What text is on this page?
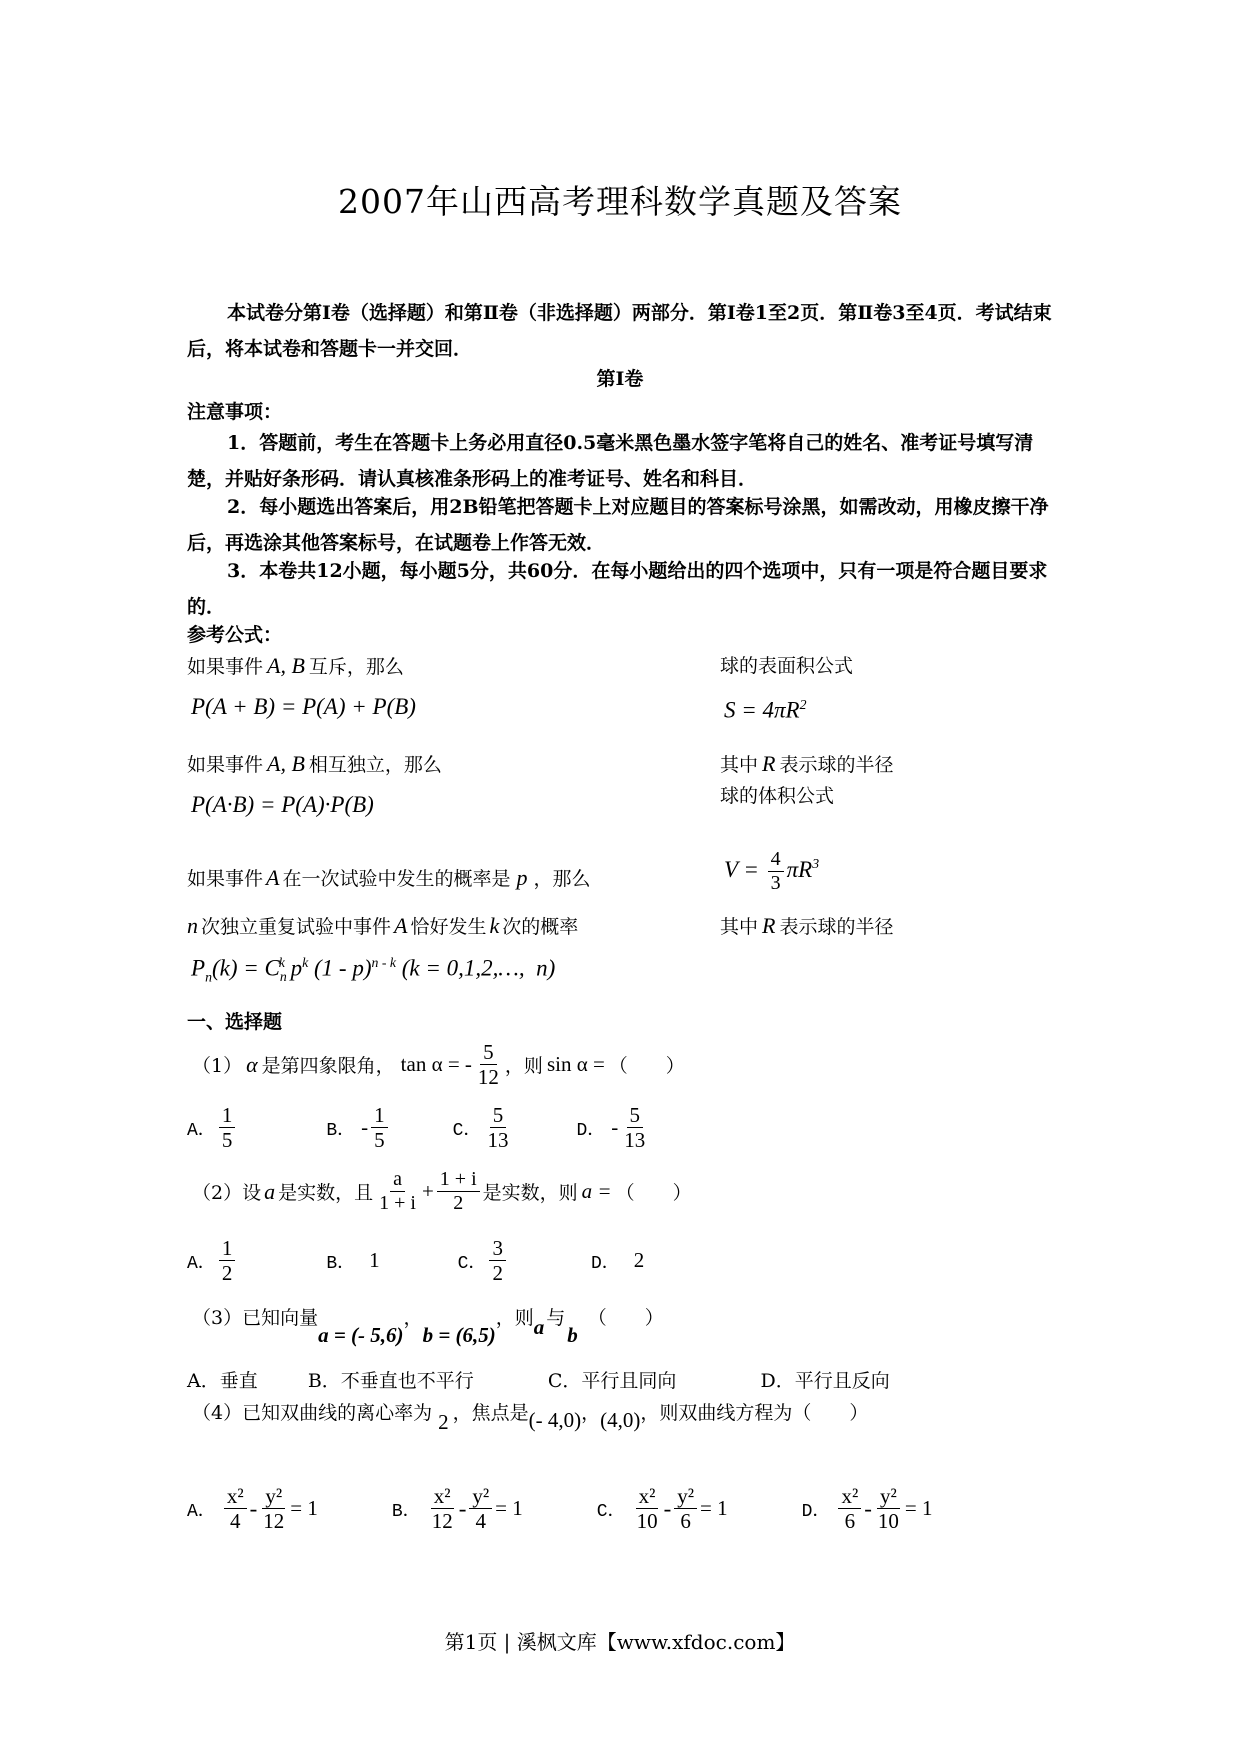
2007年山西高考理科数学真题及答案
本试卷分第Ⅰ卷（选择题）和第Ⅱ卷（非选择题）两部分．第Ⅰ卷1至2页．第Ⅱ卷3至4页．考试结束后，将本试卷和答题卡一并交回．
第Ⅰ卷
注意事项：
1．答题前，考生在答题卡上务必用直径0.5毫米黑色墨水签字笔将自己的姓名、准考证号填写清楚，并贴好条形码．请认真核准条形码上的准考证号、姓名和科目．
2．每小题选出答案后，用2B铅笔把答题卡上对应题目的答案标号涂黑，如需改动，用橡皮擦干净后，再选涂其他答案标号，在试题卷上作答无效．
3．本卷共12小题，每小题5分，共60分．在每小题给出的四个选项中，只有一项是符合题目要求的．
参考公式：
如果事件 A, B 互斥，那么
P(A + B) = P(A) + P(B)
如果事件 A, B 相互独立，那么
P(A·B) = P(A)·P(B)
如果事件 A 在一次试验中发生的概率是 p ，那么
n 次独立重复试验中事件 A 恰好发生 k 次的概率
$P_n(k) = C_n^k$ $p^k$ (1 - p)$^{n - k}$ (k = 0,1,2,…,  n)
球的表面积公式
$S = 4\pi R^2$
其中 R 表示球的半径
球的体积公式
$V = \frac{4}{3} \pi R^3$
其中 R 表示球的半径
一、选择题
（1） α 是第四象限角， tan α = - $\frac{5}{12}$ ，则 sin α = （　　）
A． $\frac{1}{5}$	B． - $\frac{1}{5}$	C． $\frac{5}{13}$	D． - $\frac{5}{13}$
（2）设 a 是实数，且 $\frac{a}{1 + i} + \frac{1 + i}{2}$ 是实数，则 a = （　　）
A． $\frac{1}{2}$	B． 1	C． $\frac{3}{2}$	D． 2
（3）已知向量
a = (- 5,6)
，
b = (6,5)
，则 a 与
b
（　　）
A．垂直	B．不垂直也不平行	C．平行且同向	D．平行且反向
（4）已知双曲线的离心率为 2 ，焦点是 (- 4,0) ， (4,0) ，则双曲线方程为（　　）
A． $\frac{\text{x²}}{4} - \frac{\text{y²}}{12} = 1$	B． $\frac{\text{x²}}{12} - \frac{\text{y²}}{4} = 1$	C． $\frac{\text{x²}}{10} - \frac{\text{y²}}{6} = 1$	D． $\frac{\text{x²}}{6} - \frac{\text{y²}}{10} = 1$
第1页 | 溪枫文库【www.xfdoc.com】
